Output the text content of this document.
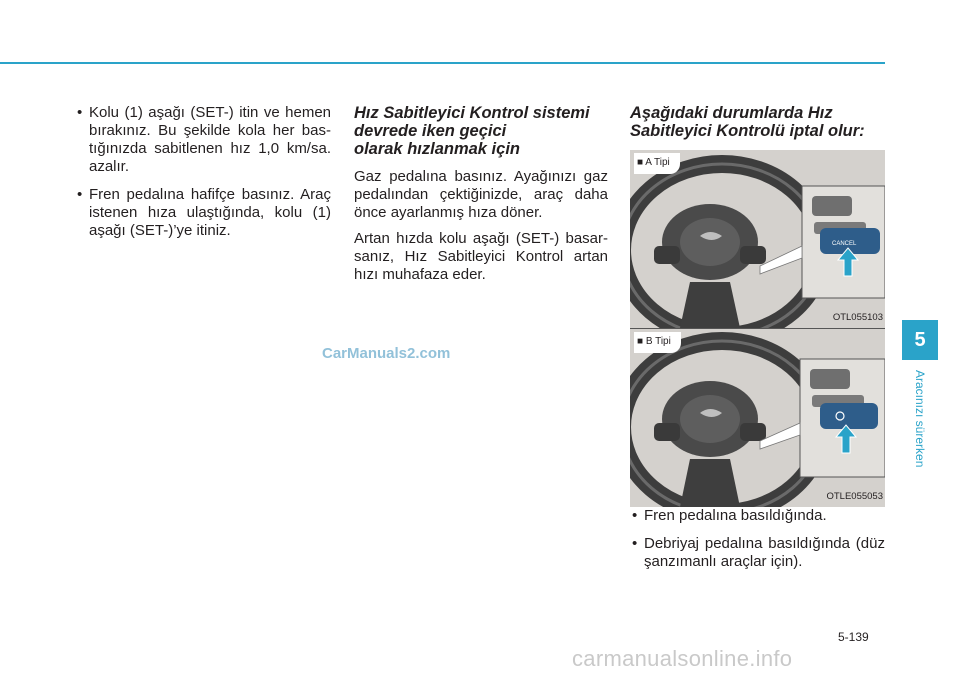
• Kolu (1) aşağı (SET-) itin ve hemen bırakınız. Bu şekilde kola her bas-tığınızda sabitlenen hız 1,0 km/sa. azalır.
• Fren pedalına hafifçe basınız. Araç istenen hıza ulaştığında, kolu (1) aşağı (SET-)’ye itiniz.
Hız Sabitleyici Kontrol sistemi
devrede iken geçici
olarak hızlanmak için

Gaz pedalına basınız. Ayağınızı gaz pedalından çektiğinizde, araç daha önce ayarlanmış hıza döner.

Artan hızda kolu aşağı (SET-) basar-sanız, Hız Sabitleyici Kontrol artan hızı muhafaza eder.

Aşağıdaki durumlarda Hız
Sabitleyici Kontrolü iptal olur:
CANCEL
■ A Tipi
OTL055103
■ B Tipi
OTLE055053
• Fren pedalına basıldığında.
• Debriyaj pedalına basıldığında (düz şanzımanlı araçlar için).
CarManuals2.com
carmanualsonline.info
5-139
5
Aracınızı sürerken
